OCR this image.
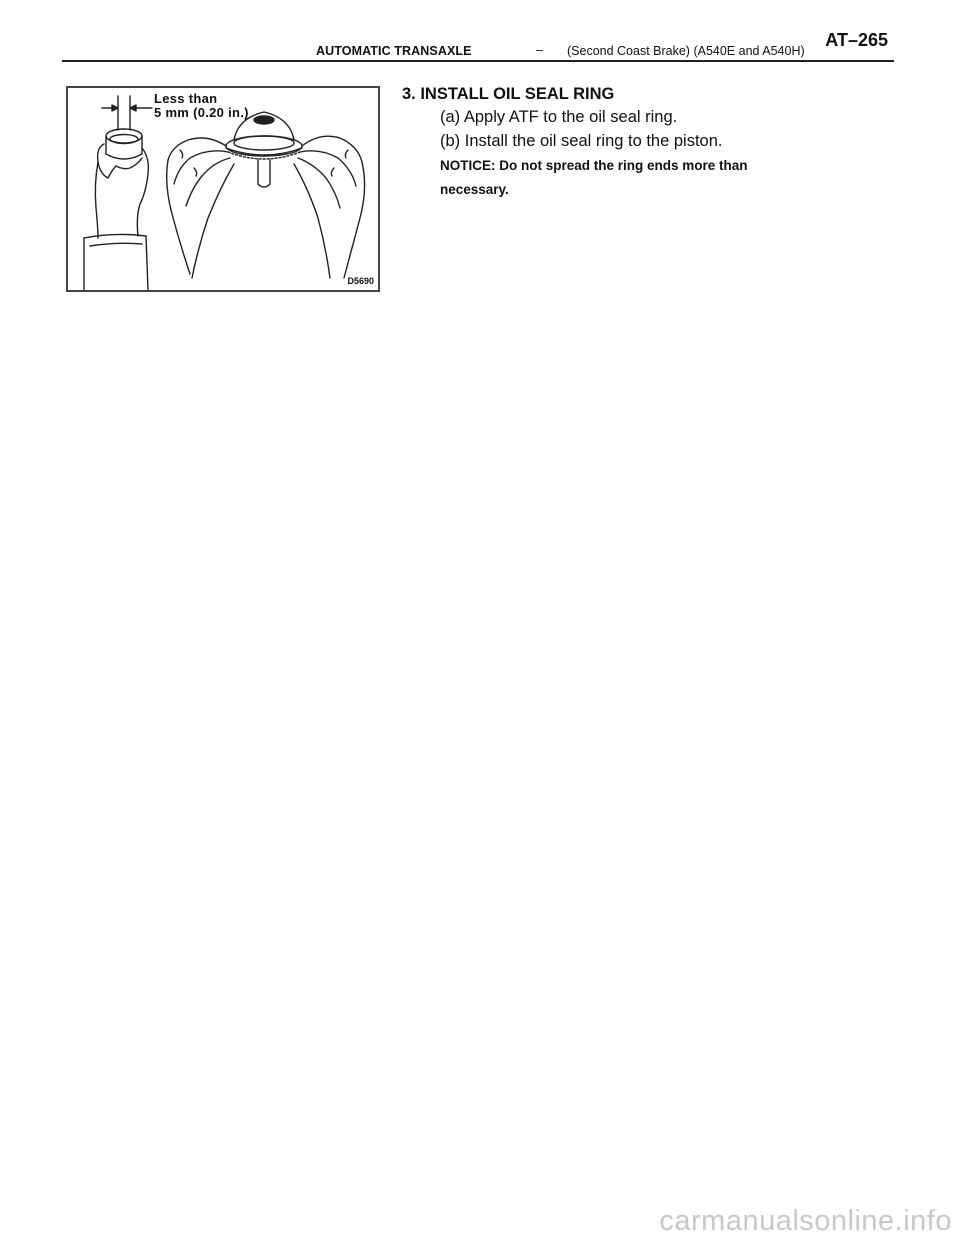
AUTOMATIC TRANSAXLE	– (Second Coast Brake) (A540E and A540H)
AT–265
Less than
5 mm (0.20 in.)
D5690

3. INSTALL OIL SEAL RING

(a) Apply ATF to the oil seal ring.

(b) Install the oil seal ring to the piston.

NOTICE: Do not spread the ring ends more than necessary.

carmanualsonline.info
